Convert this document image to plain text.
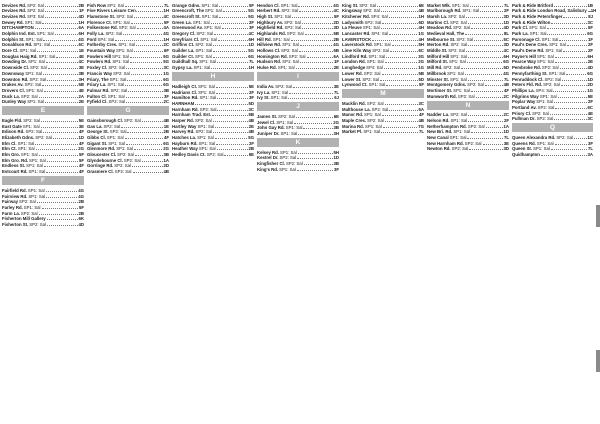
Devizes Rd. SP2: Sal	2B
Devizes Rd. SP2: Sal	1F
Devizes Rd. SP3: Sal	4D
Dewey Rd. SP1: Sal	1H
DITCHAMPTON	6A
Dolphin Ind. Est. SP1: Sal	6H
Dolphin St. SP1: Sal	4G
Donaldson Rd. SP1: Sal	6C
Dore Cl. SP1: Sal	1E
Douglas Haig Rd. SP1: Sal	4E
Dowding Dr. SP1: Sal	4C
Downside Cl. SP2: Sal	3E
Downsway SP1: Sal	3B
Downton Rd. SP2: Sal	3H
Drakes Av. SP2: Sal	5B
Drovers Cl. SP1: Sal	4E
Duck La. SP2: Sal	2A
Dunley Way SP1: Sal	2E
E
Eagle Fld. SP2: Sal	5E
East Gate SP1: Sal	3E
Edison Rd. SP2: Sal	4F
Elizabeth Gdns. SP2: Sal	1D
Elm Cl. SP1: Sal	4F
Elm Ct. SP1: Sal	2G
Elm Gro. SP1: Sal	5F
Elm Gro. Rd. SP1: Sal	5F
Endless St. SP1: Sal	4F
Estcourt Rd. SP1: Sal	4F
F
Fairfield Rd. SP1: Sal	4G
Fairview Rd. SP1: Sal	4G
Fairway SP2: Sal	2B
Farley Rd. SP1: Sal	5F
Farm La. SP2: Sal	2B
Fisherton Mill Gallery	6K
Fisherton St. SP2: Sal	4D
Fish Row SP1: Sal	7L
Five Rivers Leisure Cen.	1H
Flamstone St. SP2: Sal	4C
Florence Ct. SP1: Sal	5F
Folkestone Rd. SP2: Sal	4A
Folly La. SP2: Sal	4G
Ford SP4: Sal	1H
Fotherby Cres. SP1: Sal	2C
Fountain Way SP1: Sal	6F
Fowlers Hill SP1: Sal	5G
Fowlers Rd. SP1: Sal	5G
Foxley Cl. SP2: Sal	3C
Francis Way SP2: Sal	1G
Friary, The SP1: Sal	6G
Friary La. SP1: Sal	6G
Fulmar Rd. SP2: Sal	3B
Fulton Cl. SP1: Sal	3F
Fyfield Cl. SP2: Sal	2C
G
Gainsborough Cl. SP2: Sal	4B
Gas La. SP2: Sal	1E
George St. SP2: Sal	2B
Gibbs Cl. SP1: Sal	4F
Gigant St. SP1: Sal	6G
Glenmore Rd. SP1: Sal	2G
Gloucester Cl. SP2: Sal	3B
Glyndebourne Cl. SP2: Sal	1A
Gorringe Rd. SP2: Sal	2D
Grasmere Cl. SP2: Sal	4B
Grange Gdns. SP1: Sal	5F
Greencroft, The SP1: Sal	5G
Greencroft St. SP1: Sal	5G
Green La. SP1: Sal	2F
Greenwood Av. SP1: Sal	3F
Gregory Cl. SP2: Sal	4C
Greyfriars Cl. SP1: Sal	6H
Griffins Ct. SP2: Sal	1D
Guilder La. SP1: Sal	5G
Guilder Ct. SP1: Sal	6G
Guildhall Sq. SP1: Sal	7L
Gypsy La. SP1: Sal	1H
H
Hadleigh Ct. SP1: Sal	5E
Hadrians Cl. SP1: Sal	2F
Hamilton Rd. SP1: Sal	3F
HARNHAM	5D
Harnham Rd. SP2: Sal	3C
Harnham Trad. Est.	5B
Harper Rd. SP2: Sal	4B
Hartley Way SP1: Sal	2E
Harvey Rd. SP2: Sal	4B
Hatches La. SP1: Sal	5G
Hayburn Rd. SP1: Sal	2F
Heather Way SP1: Sal	2B
Hedley Davis Ct. SP2: Sal	5E
Hendon Cl. SP1: Sal	4G
Herbert Rd. SP2: Sal	4C
High St. SP1: Sal	5F
Highbury Av. SP2: Sal	2D
Highfield Rd. SP2: Sal	3D
Highlands Rd. SP2: Sal	5B
Hill Rd. SP1: Sal	2B
Hillview Rd. SP1: Sal	4G
Hollows Cl. SP2: Sal	5B
Homington Rd. SP2: Sal	6A
Hudson Rd. SP1: Sal	1F
Hulse Rd. SP1: Sal	2E
I
India Av. SP2: Sal	3E
Ivy La. SP1: Sal	7L
Ivy St. SP1: Sal	6J
J
James St. SP2: Sal	6E
Jewel Cl. SP1: Sal	2G
John Gay Rd. SP1: Sal	3B
Juniper Dr. SP1: Sal	3H
K
Kelsey Rd. SP1: Sal	5H
Kestrel Dr. SP2: Sal	1D
Kingfisher Cl. SP2: Sal	3B
King's Rd. SP1: Sal	3F
King St. SP2: Sal	6E
Kingsway SP2: Sal	4B
Kitchener Rd. SP4: Sal	1H
Ladysmith SP2: Sal	6D
La Fleuve SP1: Sal	4H
Lancaster Rd. SP4: Sal	1G
LAVERSTOCK	4H
Laverstock Rd. SP1: Sal	5H
Lime Kiln Way SP2: Sal	6C
Lindford Rd. SP1: Sal	3G
London Rd. SP1: Sal	2G
Longhedge SP4: Sal	1G
Lower Rd. SP2: Sal	5B
Lower St. SP2: Sal	5D
Lynwood Ct. SP1: Sal	5F
M
Macklin Rd. SP2: Sal	3C
Malthouse La. SP2: Sal	5A
Manor Rd. SP1: Sal	4F
Maple Cres. SP2: Sal	4B
Marina Rd. SP1: Sal	7G
Market Pl. SP1: Sal	7L
Market Wlk. SP1: Sal	7L
Marlborough Rd. SP1: Sal	2F
Marsh La. SP2: Sal	3D
Martins Cl. SP2: Sal	1D
Meadow Rd. SP2: Sal	4D
Medieval Hall, The	8L
Melbourne St. SP2: Sal	5C
Merton Rd. SP2: Sal	3D
Middle St. SP2: Sal	4C
Milford Hill SP1: Sal	6H
Milford St. SP1: Sal	6G
Mill Rd. SP2: Sal	5D
Millbrook SP1: Sal	4G
Minster St. SP1: Sal	7L
Montgomery Gdns. SP2: Sal	4B
Mortimer St. SP1: Sal	4F
Mumworth Rd. SP2: Sal	2C
N
Nadder La. SP2: Sal	2C
Nelson Rd. SP1: Sal	2F
Netherhampton Rd. SP2: Sal	1A
New Bri. Rd. SP1: Sal	1D
New Canal SP1: Sal	7L
New Harnham Rd. SP2: Sal	3E
Newton Rd. SP2: Sal	3D
Park & Ride Britford	1B
Park & Ride London Road, Salisbury 1H
Park & Ride Petersfinger	8J
Park & Ride Wilton	3C
Park Cl. SP1: Sal	5F
Park La. SP1: Sal	6G
Parsonage Cl. SP1: Sal	1F
Paul's Dene Cres. SP1: Sal	2F
Paul's Dene Rd. SP1: Sal	2F
Payne's Hill SP1: Sal	6H
Pearce Way SP1: Sal	2E
Pembroke Rd. SP2: Sal	4D
Pennyfarthing St. SP1: Sal	6G
Penruddock Cl. SP2: Sal	1D
Peters Fld. Rd. SP2: Sal	2D
Phillips La. SP4: Sal	1G
Pilgrims Way SP1: Sal	5E
Poplar Way SP1: Sal	2F
Portland Av. SP2: Sal	6C
Priory Cl. SP2: Sal	4E
Pullman Dr. SP2: Sal	3C
Q
Queen Alexandra Rd. SP2: Sal	1C
Queens Rd. SP1: Sal	3F
Queen St. SP1: Sal	7L
Quidhampton	3A
